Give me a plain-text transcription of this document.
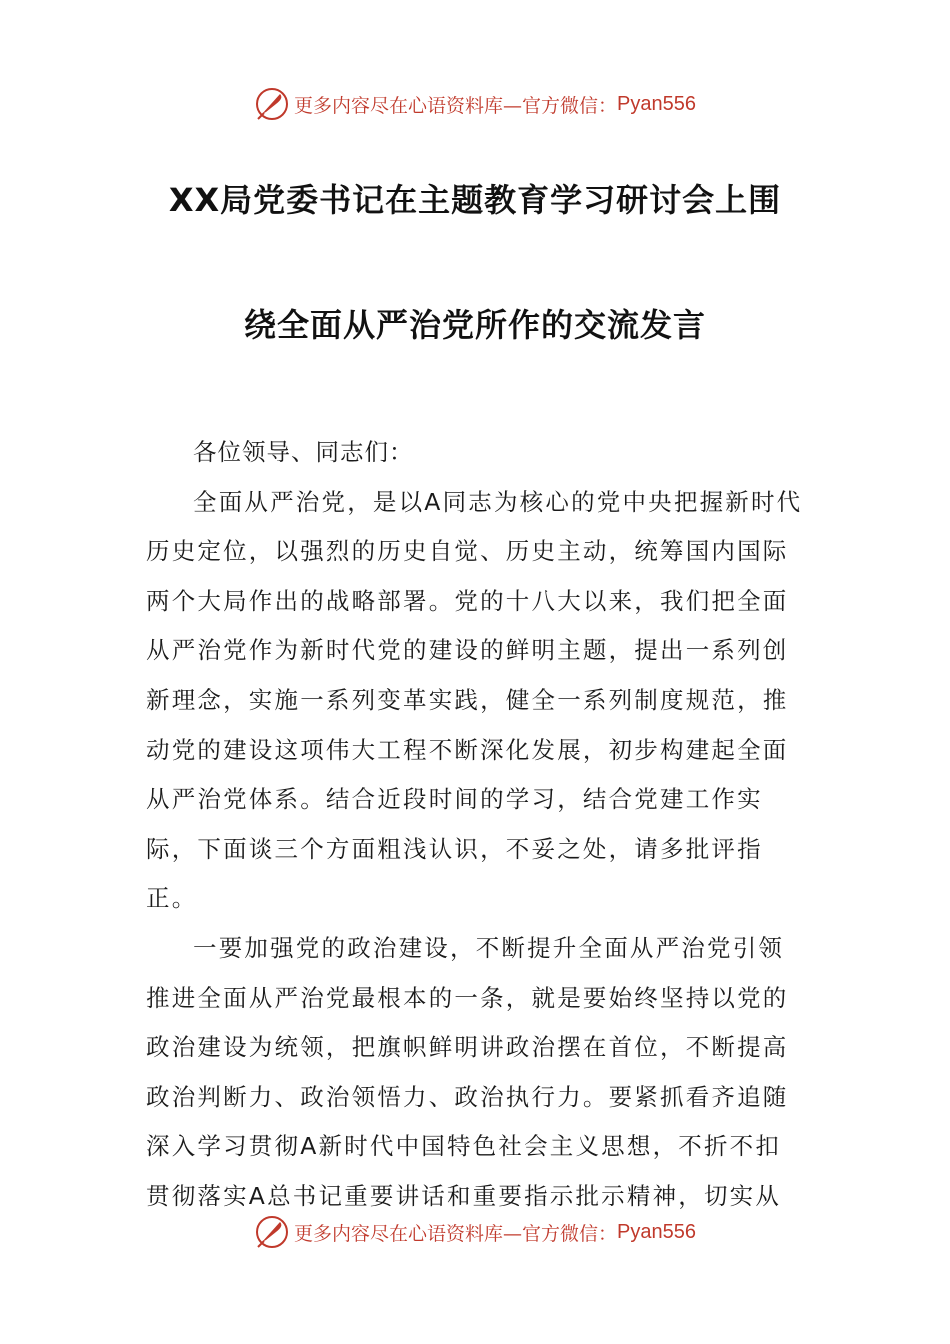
更多内容尽在心语资料库—官方微信： Pyan556
XX局党委书记在主题教育学习研讨会上围
绕全面从严治党所作的交流发言

各位领导、同志们：

全面从严治党，是以A同志为核心的党中央把握新时代历史定位，以强烈的历史自觉、历史主动，统筹国内国际两个大局作出的战略部署。党的十八大以来，我们把全面从严治党作为新时代党的建设的鲜明主题，提出一系列创新理念，实施一系列变革实践，健全一系列制度规范，推动党的建设这项伟大工程不断深化发展，初步构建起全面从严治党体系。结合近段时间的学习，结合党建工作实际，下面谈三个方面粗浅认识，不妥之处，请多批评指正。

一要加强党的政治建设，不断提升全面从严治党引领推进全面从严治党最根本的一条，就是要始终坚持以党的政治建设为统领，把旗帜鲜明讲政治摆在首位，不断提高政治判断力、政治领悟力、政治执行力。要紧抓看齐追随深入学习贯彻A新时代中国特色社会主义思想，不折不扣贯彻落实A总书记重要讲话和重要指示批示精神，切实从

更多内容尽在心语资料库—官方微信： Pyan556
